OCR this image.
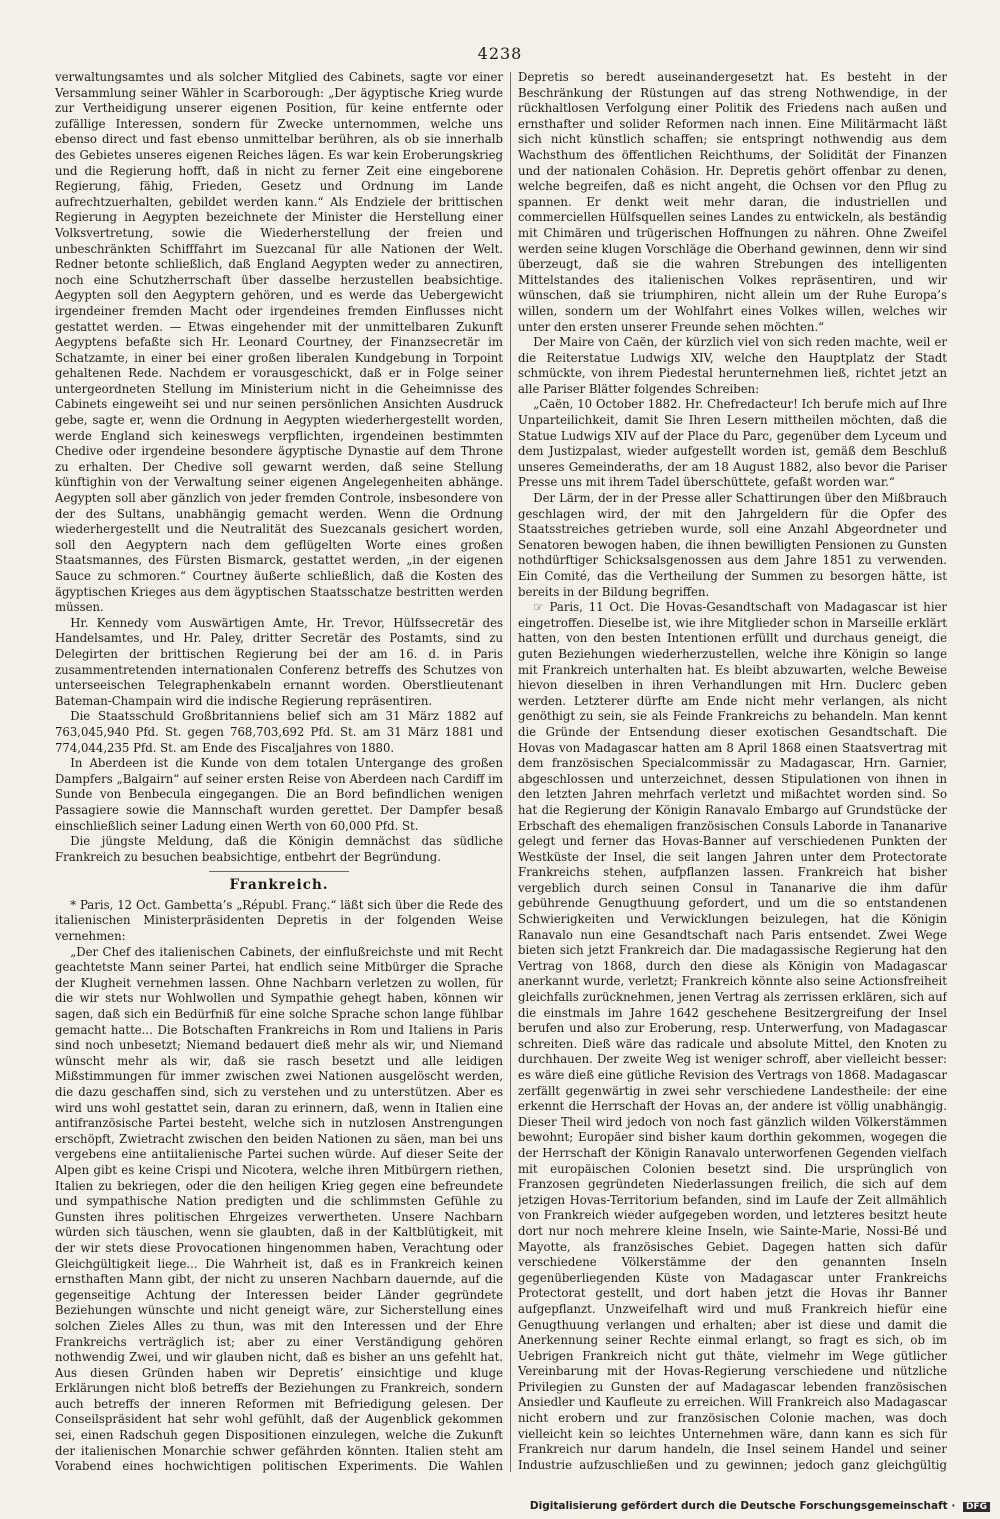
4238

verwaltungsamtes und als solcher Mitglied des Cabinets, sagte vor einer Versammlung seiner Wähler in Scarborough: „Der ägyptische Krieg wurde zur Vertheidigung unserer eigenen Position, für keine entfernte oder zufällige Interessen, sondern für Zwecke unternommen, welche uns ebenso direct und fast ebenso unmittelbar berühren, als ob sie innerhalb des Gebietes unseres eigenen Reiches lägen. Es war kein Eroberungskrieg und die Regierung hofft, daß in nicht zu ferner Zeit eine eingeborene Regierung, fähig, Frieden, Gesetz und Ordnung im Lande aufrechtzuerhalten, gebildet werden kann.“ Als Endziele der brittischen Regierung in Aegypten bezeichnete der Minister die Herstellung einer Volksvertretung, sowie die Wiederherstellung der freien und unbeschränkten Schifffahrt im Suezcanal für alle Nationen der Welt. Redner betonte schließlich, daß England Aegypten weder zu annectiren, noch eine Schutzherrschaft über dasselbe herzustellen beabsichtige. Aegypten soll den Aegyptern gehören, und es werde das Uebergewicht irgendeiner fremden Macht oder irgendeines fremden Einflusses nicht gestattet werden. — Etwas eingehender mit der unmittelbaren Zukunft Aegyptens befaßte sich Hr. Leonard Courtney, der Finanzsecretär im Schatzamte, in einer bei einer großen liberalen Kundgebung in Torpoint gehaltenen Rede. Nachdem er vorausgeschickt, daß er in Folge seiner untergeordneten Stellung im Ministerium nicht in die Geheimnisse des Cabinets eingeweiht sei und nur seinen persönlichen Ansichten Ausdruck gebe, sagte er, wenn die Ordnung in Aegypten wiederhergestellt worden, werde England sich keineswegs verpflichten, irgendeinen bestimmten Chedive oder irgendeine besondere ägyptische Dynastie auf dem Throne zu erhalten. Der Chedive soll gewarnt werden, daß seine Stellung künftighin von der Verwaltung seiner eigenen Angelegenheiten abhänge. Aegypten soll aber gänzlich von jeder fremden Controle, insbesondere von der des Sultans, unabhängig gemacht werden. Wenn die Ordnung wiederhergestellt und die Neutralität des Suezcanals gesichert worden, soll den Aegyptern nach dem geflügelten Worte eines großen Staatsmannes, des Fürsten Bismarck, gestattet werden, „in der eigenen Sauce zu schmoren.“ Courtney äußerte schließlich, daß die Kosten des ägyptischen Krieges aus dem ägyptischen Staatsschatze bestritten werden müssen.

Hr. Kennedy vom Auswärtigen Amte, Hr. Trevor, Hülfssecretär des Handelsamtes, und Hr. Paley, dritter Secretär des Postamts, sind zu Delegirten der brittischen Regierung bei der am 16. d. in Paris zusammentretenden internationalen Conferenz betreffs des Schutzes von unterseeischen Telegraphenkabeln ernannt worden. Oberstlieutenant Bateman-Champain wird die indische Regierung repräsentiren.

Die Staatsschuld Großbritanniens belief sich am 31 März 1882 auf 763,045,940 Pfd. St. gegen 768,703,692 Pfd. St. am 31 März 1881 und 774,044,235 Pfd. St. am Ende des Fiscaljahres von 1880.

In Aberdeen ist die Kunde von dem totalen Untergange des großen Dampfers „Balgairn“ auf seiner ersten Reise von Aberdeen nach Cardiff im Sunde von Benbecula eingegangen. Die an Bord befindlichen wenigen Passagiere sowie die Mannschaft wurden gerettet. Der Dampfer besaß einschließlich seiner Ladung einen Werth von 60,000 Pfd. St.

Die jüngste Meldung, daß die Königin demnächst das südliche Frankreich zu besuchen beabsichtige, entbehrt der Begründung.

Frankreich.

* Paris, 12 Oct. Gambetta’s „Républ. Franç.“ läßt sich über die Rede des italienischen Ministerpräsidenten Depretis in der folgenden Weise vernehmen:

„Der Chef des italienischen Cabinets, der einflußreichste und mit Recht geachtetste Mann seiner Partei, hat endlich seine Mitbürger die Sprache der Klugheit vernehmen lassen. Ohne Nachbarn verletzen zu wollen, für die wir stets nur Wohlwollen und Sympathie gehegt haben, können wir sagen, daß sich ein Bedürfniß für eine solche Sprache schon lange fühlbar gemacht hatte... Die Botschaften Frankreichs in Rom und Italiens in Paris sind noch unbesetzt; Niemand bedauert dieß mehr als wir, und Niemand wünscht mehr als wir, daß sie rasch besetzt und alle leidigen Mißstimmungen für immer zwischen zwei Nationen ausgelöscht werden, die dazu geschaffen sind, sich zu verstehen und zu unterstützen. Aber es wird uns wohl gestattet sein, daran zu erinnern, daß, wenn in Italien eine antifranzösische Partei besteht, welche sich in nutzlosen Anstrengungen erschöpft, Zwietracht zwischen den beiden Nationen zu säen, man bei uns vergebens eine antiitalienische Partei suchen würde. Auf dieser Seite der Alpen gibt es keine Crispi und Nicotera, welche ihren Mitbürgern riethen, Italien zu bekriegen, oder die den heiligen Krieg gegen eine befreundete und sympathische Nation predigten und die schlimmsten Gefühle zu Gunsten ihres politischen Ehrgeizes verwertheten. Unsere Nachbarn würden sich täuschen, wenn sie glaubten, daß in der Kaltblütigkeit, mit der wir stets diese Provocationen hingenommen haben, Verachtung oder Gleichgültigkeit liege... Die Wahrheit ist, daß es in Frankreich keinen ernsthaften Mann gibt, der nicht zu unseren Nachbarn dauernde, auf die gegenseitige Achtung der Interessen beider Länder gegründete Beziehungen wünschte und nicht geneigt wäre, zur Sicherstellung eines solchen Zieles Alles zu thun, was mit den Interessen und der Ehre Frankreichs verträglich ist; aber zu einer Verständigung gehören nothwendig Zwei, und wir glauben nicht, daß es bisher an uns gefehlt hat. Aus diesen Gründen haben wir Depretis’ einsichtige und kluge Erklärungen nicht bloß betreffs der Beziehungen zu Frankreich, sondern auch betreffs der inneren Reformen mit Befriedigung gelesen. Der Conseilspräsident hat sehr wohl gefühlt, daß der Augenblick gekommen sei, einen Radschuh gegen Dispositionen einzulegen, welche die Zukunft der italienischen Monarchie schwer gefährden könnten. Italien steht am Vorabend eines hochwichtigen politischen Experiments. Die Wahlen

Depretis so beredt auseinandergesetzt hat. Es besteht in der Beschränkung der Rüstungen auf das streng Nothwendige, in der rückhaltlosen Verfolgung einer Politik des Friedens nach außen und ernsthafter und solider Reformen nach innen. Eine Militärmacht läßt sich nicht künstlich schaffen; sie entspringt nothwendig aus dem Wachsthum des öffentlichen Reichthums, der Solidität der Finanzen und der nationalen Cohäsion. Hr. Depretis gehört offenbar zu denen, welche begreifen, daß es nicht angeht, die Ochsen vor den Pflug zu spannen. Er denkt weit mehr daran, die industriellen und commerciellen Hülfsquellen seines Landes zu entwickeln, als beständig mit Chimären und trügerischen Hoffnungen zu nähren. Ohne Zweifel werden seine klugen Vorschläge die Oberhand gewinnen, denn wir sind überzeugt, daß sie die wahren Strebungen des intelligenten Mittelstandes des italienischen Volkes repräsentiren, und wir wünschen, daß sie triumphiren, nicht allein um der Ruhe Europa’s willen, sondern um der Wohlfahrt eines Volkes willen, welches wir unter den ersten unserer Freunde sehen möchten.“

Der Maire von Caën, der kürzlich viel von sich reden machte, weil er die Reiterstatue Ludwigs XIV, welche den Hauptplatz der Stadt schmückte, von ihrem Piedestal herunternehmen ließ, richtet jetzt an alle Pariser Blätter folgendes Schreiben:

„Caën, 10 October 1882. Hr. Chefredacteur! Ich berufe mich auf Ihre Unparteilichkeit, damit Sie Ihren Lesern mittheilen möchten, daß die Statue Ludwigs XIV auf der Place du Parc, gegenüber dem Lyceum und dem Justizpalast, wieder aufgestellt worden ist, gemäß dem Beschluß unseres Gemeinderaths, der am 18 August 1882, also bevor die Pariser Presse uns mit ihrem Tadel überschüttete, gefaßt worden war.“

Der Lärm, der in der Presse aller Schattirungen über den Mißbrauch geschlagen wird, der mit den Jahrgeldern für die Opfer des Staatsstreiches getrieben wurde, soll eine Anzahl Abgeordneter und Senatoren bewogen haben, die ihnen bewilligten Pensionen zu Gunsten nothdürftiger Schicksalsgenossen aus dem Jahre 1851 zu verwenden. Ein Comité, das die Vertheilung der Summen zu besorgen hätte, ist bereits in der Bildung begriffen.

☞ Paris, 11 Oct. Die Hovas-Gesandtschaft von Madagascar ist hier eingetroffen. Dieselbe ist, wie ihre Mitglieder schon in Marseille erklärt hatten, von den besten Intentionen erfüllt und durchaus geneigt, die guten Beziehungen wiederherzustellen, welche ihre Königin so lange mit Frankreich unterhalten hat. Es bleibt abzuwarten, welche Beweise hievon dieselben in ihren Verhandlungen mit Hrn. Duclerc geben werden. Letzterer dürfte am Ende nicht mehr verlangen, als nicht genöthigt zu sein, sie als Feinde Frankreichs zu behandeln. Man kennt die Gründe der Entsendung dieser exotischen Gesandtschaft. Die Hovas von Madagascar hatten am 8 April 1868 einen Staatsvertrag mit dem französischen Specialcommissär zu Madagascar, Hrn. Garnier, abgeschlossen und unterzeichnet, dessen Stipulationen von ihnen in den letzten Jahren mehrfach verletzt und mißachtet worden sind. So hat die Regierung der Königin Ranavalo Embargo auf Grundstücke der Erbschaft des ehemaligen französischen Consuls Laborde in Tananarive gelegt und ferner das Hovas-Banner auf verschiedenen Punkten der Westküste der Insel, die seit langen Jahren unter dem Protectorate Frankreichs stehen, aufpflanzen lassen. Frankreich hat bisher vergeblich durch seinen Consul in Tananarive die ihm dafür gebührende Genugthuung gefordert, und um die so entstandenen Schwierigkeiten und Verwicklungen beizulegen, hat die Königin Ranavalo nun eine Gesandtschaft nach Paris entsendet. Zwei Wege bieten sich jetzt Frankreich dar. Die madagassische Regierung hat den Vertrag von 1868, durch den diese als Königin von Madagascar anerkannt wurde, verletzt; Frankreich könnte also seine Actionsfreiheit gleichfalls zurücknehmen, jenen Vertrag als zerrissen erklären, sich auf die einstmals im Jahre 1642 geschehene Besitzergreifung der Insel berufen und also zur Eroberung, resp. Unterwerfung, von Madagascar schreiten. Dieß wäre das radicale und absolute Mittel, den Knoten zu durchhauen. Der zweite Weg ist weniger schroff, aber vielleicht besser: es wäre dieß eine gütliche Revision des Vertrags von 1868. Madagascar zerfällt gegenwärtig in zwei sehr verschiedene Landestheile: der eine erkennt die Herrschaft der Hovas an, der andere ist völlig unabhängig. Dieser Theil wird jedoch von noch fast gänzlich wilden Völkerstämmen bewohnt; Europäer sind bisher kaum dorthin gekommen, wogegen die der Herrschaft der Königin Ranavalo unterworfenen Gegenden vielfach mit europäischen Colonien besetzt sind. Die ursprünglich von Franzosen gegründeten Niederlassungen freilich, die sich auf dem jetzigen Hovas-Territorium befanden, sind im Laufe der Zeit allmählich von Frankreich wieder aufgegeben worden, und letzteres besitzt heute dort nur noch mehrere kleine Inseln, wie Sainte-Marie, Nossi-Bé und Mayotte, als französisches Gebiet. Dagegen hatten sich dafür verschiedene Völkerstämme der den genannten Inseln gegenüberliegenden Küste von Madagascar unter Frankreichs Protectorat gestellt, und dort haben jetzt die Hovas ihr Banner aufgepflanzt. Unzweifelhaft wird und muß Frankreich hiefür eine Genugthuung verlangen und erhalten; aber ist diese und damit die Anerkennung seiner Rechte einmal erlangt, so fragt es sich, ob im Uebrigen Frankreich nicht gut thäte, vielmehr im Wege gütlicher Vereinbarung mit der Hovas-Regierung verschiedene und nützliche Privilegien zu Gunsten der auf Madagascar lebenden französischen Ansiedler und Kaufleute zu erreichen. Will Frankreich also Madagascar nicht erobern und zur französischen Colonie machen, was doch vielleicht kein so leichtes Unternehmen wäre, dann kann es sich für Frankreich nur darum handeln, die Insel seinem Handel und seiner Industrie aufzuschließen und zu gewinnen; jedoch ganz gleichgültig

Digitalisierung gefördert durch die Deutsche Forschungsgemeinschaft · DFG
